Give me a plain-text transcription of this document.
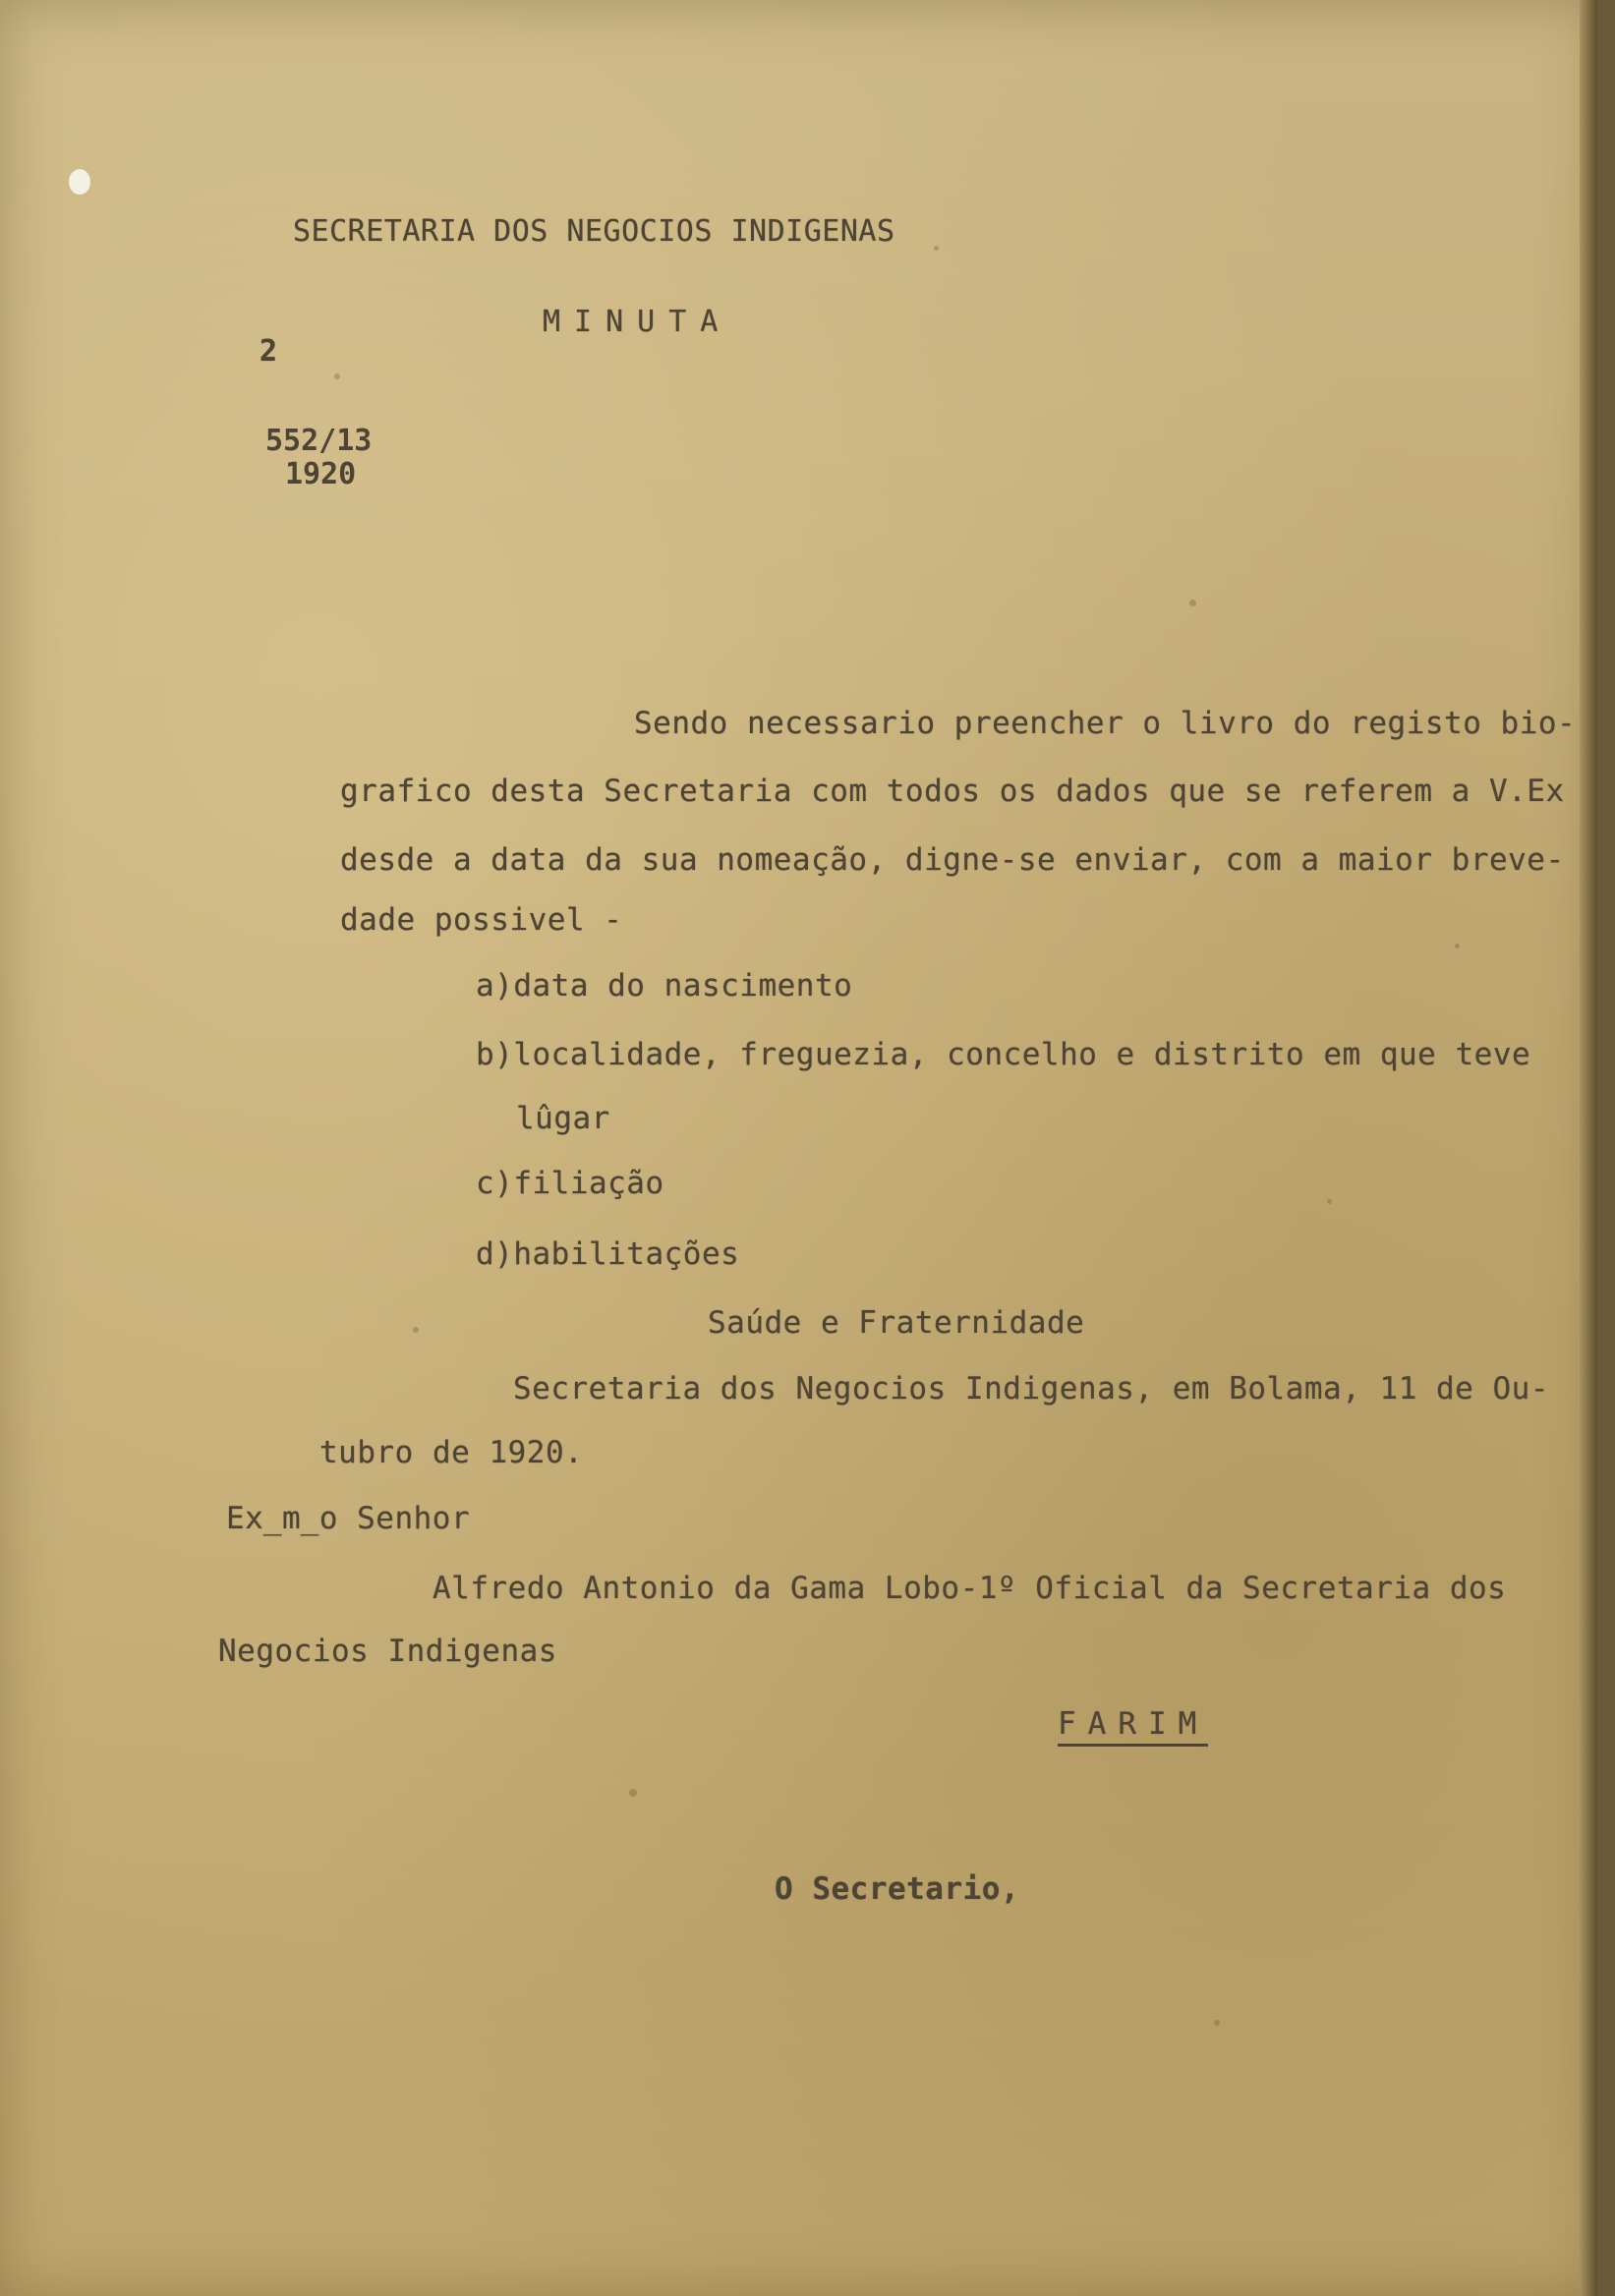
SECRETARIA DOS NEGOCIOS INDIGENAS
MINUTA
2
552/13
1920
Sendo necessario preencher o livro do registo bio-
grafico desta Secretaria com todos os dados que se referem a V.Ex
desde a data da sua nomeação, digne-se enviar, com a maior breve-
dade possivel -
a)data do nascimento
b)localidade, freguezia, concelho e distrito em que teve
lûgar
c)filiação
d)habilitações
Saúde e Fraternidade
Secretaria dos Negocios Indigenas, em Bolama, 11 de Ou-
tubro de 1920.
Ex̲m̲o Senhor
Alfredo Antonio da Gama Lobo-1º Oficial da Secretaria dos
Negocios Indigenas
FARIM
O Secretario,
